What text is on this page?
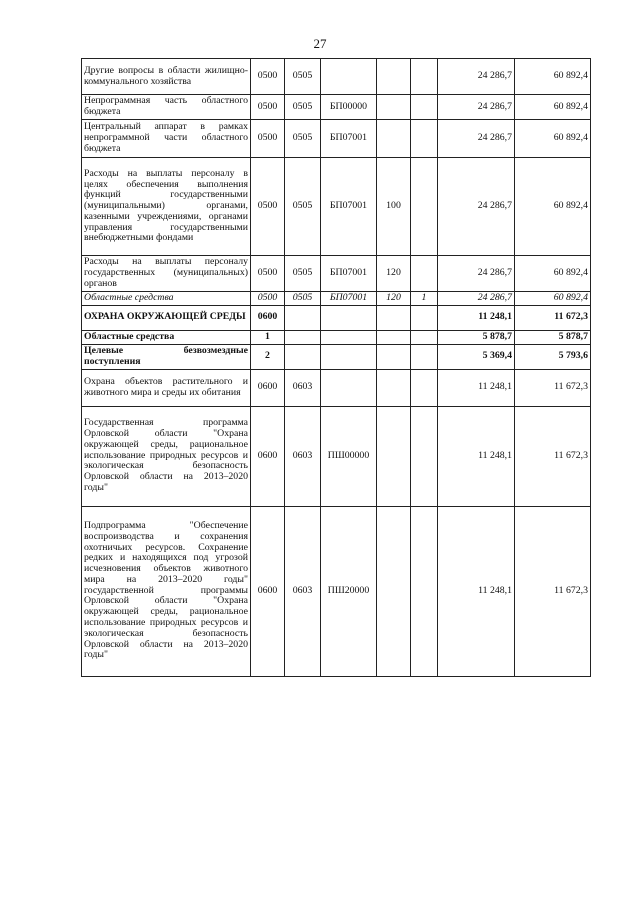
27
Другие вопросы в области жилищно-коммунального хозяйства	0500	0505				24 286,7	60 892,4
Непрограммная часть областного бюджета	0500	0505	БП00000			24 286,7	60 892,4
Центральный аппарат в рамках непрограммной части областного бюджета	0500	0505	БП07001			24 286,7	60 892,4
Расходы на выплаты персоналу в целях обеспечения выполнения функций государственными (муниципальными) органами, казенными учреждениями, органами управления государственными внебюджетными фондами	0500	0505	БП07001	100		24 286,7	60 892,4
Расходы на выплаты персоналу государственных (муниципальных) органов	0500	0505	БП07001	120		24 286,7	60 892,4
Областные средства	0500	0505	БП07001	120	1	24 286,7	60 892,4
ОХРАНА ОКРУЖАЮЩЕЙ СРЕДЫ	0600					11 248,1	11 672,3
Областные средства	1					5 878,7	5 878,7
Целевые безвозмездные поступления	2					5 369,4	5 793,6
Охрана объектов растительного и животного мира и среды их обитания	0600	0603				11 248,1	11 672,3
Государственная программа Орловской области "Охрана окружающей среды, рациональное использование природных ресурсов и экологическая безопасность Орловской области на 2013–2020 годы"	0600	0603	ПШ00000			11 248,1	11 672,3
Подпрограмма "Обеспечение воспроизводства и сохранения охотничьих ресурсов. Сохранение редких и находящихся под угрозой исчезновения объектов животного мира на 2013–2020 годы" государственной программы Орловской области "Охрана окружающей среды, рациональное использование природных ресурсов и экологическая безопасность Орловской области на 2013–2020 годы"	0600	0603	ПШ20000			11 248,1	11 672,3
